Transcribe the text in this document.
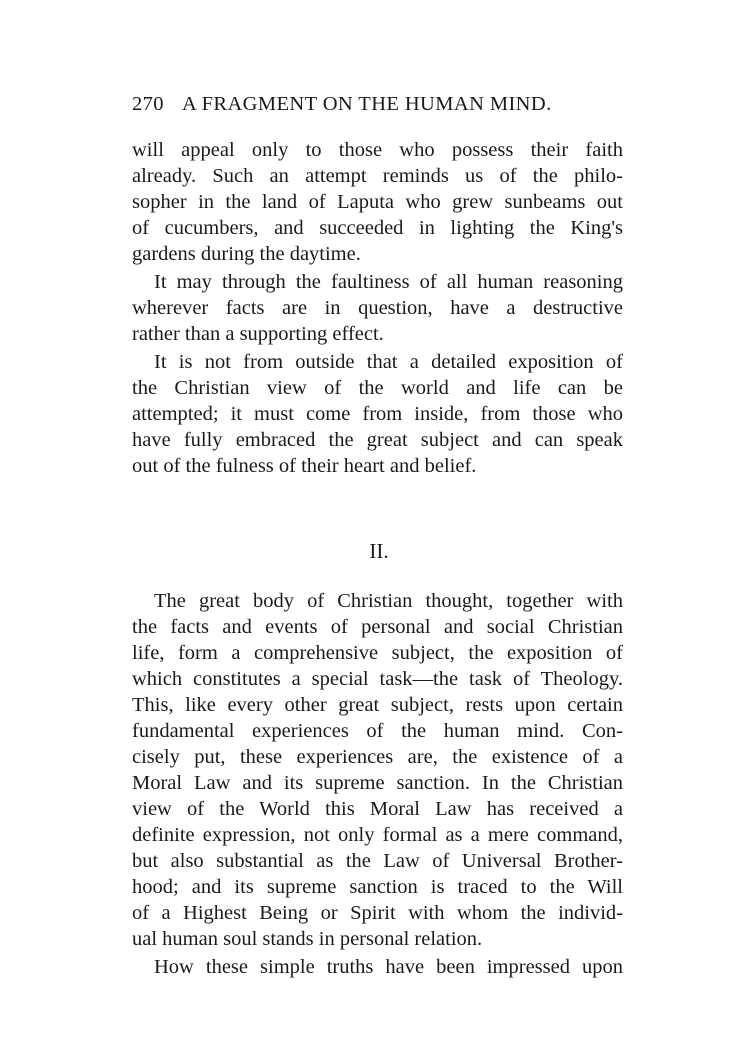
270 A FRAGMENT ON THE HUMAN MIND.
will appeal only to those who possess their faith
already. Such an attempt reminds us of the philo-
sopher in the land of Laputa who grew sunbeams out
of cucumbers, and succeeded in lighting the King's
gardens during the daytime.
It may through the faultiness of all human reasoning
wherever facts are in question, have a destructive
rather than a supporting effect.
It is not from outside that a detailed exposition of
the Christian view of the world and life can be
attempted; it must come from inside, from those who
have fully embraced the great subject and can speak
out of the fulness of their heart and belief.
II.
The great body of Christian thought, together with
the facts and events of personal and social Christian
life, form a comprehensive subject, the exposition of
which constitutes a special task—the task of Theology.
This, like every other great subject, rests upon certain
fundamental experiences of the human mind. Con-
cisely put, these experiences are, the existence of a
Moral Law and its supreme sanction. In the Christian
view of the World this Moral Law has received a
definite expression, not only formal as a mere command,
but also substantial as the Law of Universal Brother-
hood; and its supreme sanction is traced to the Will
of a Highest Being or Spirit with whom the individ-
ual human soul stands in personal relation.
How these simple truths have been impressed upon
